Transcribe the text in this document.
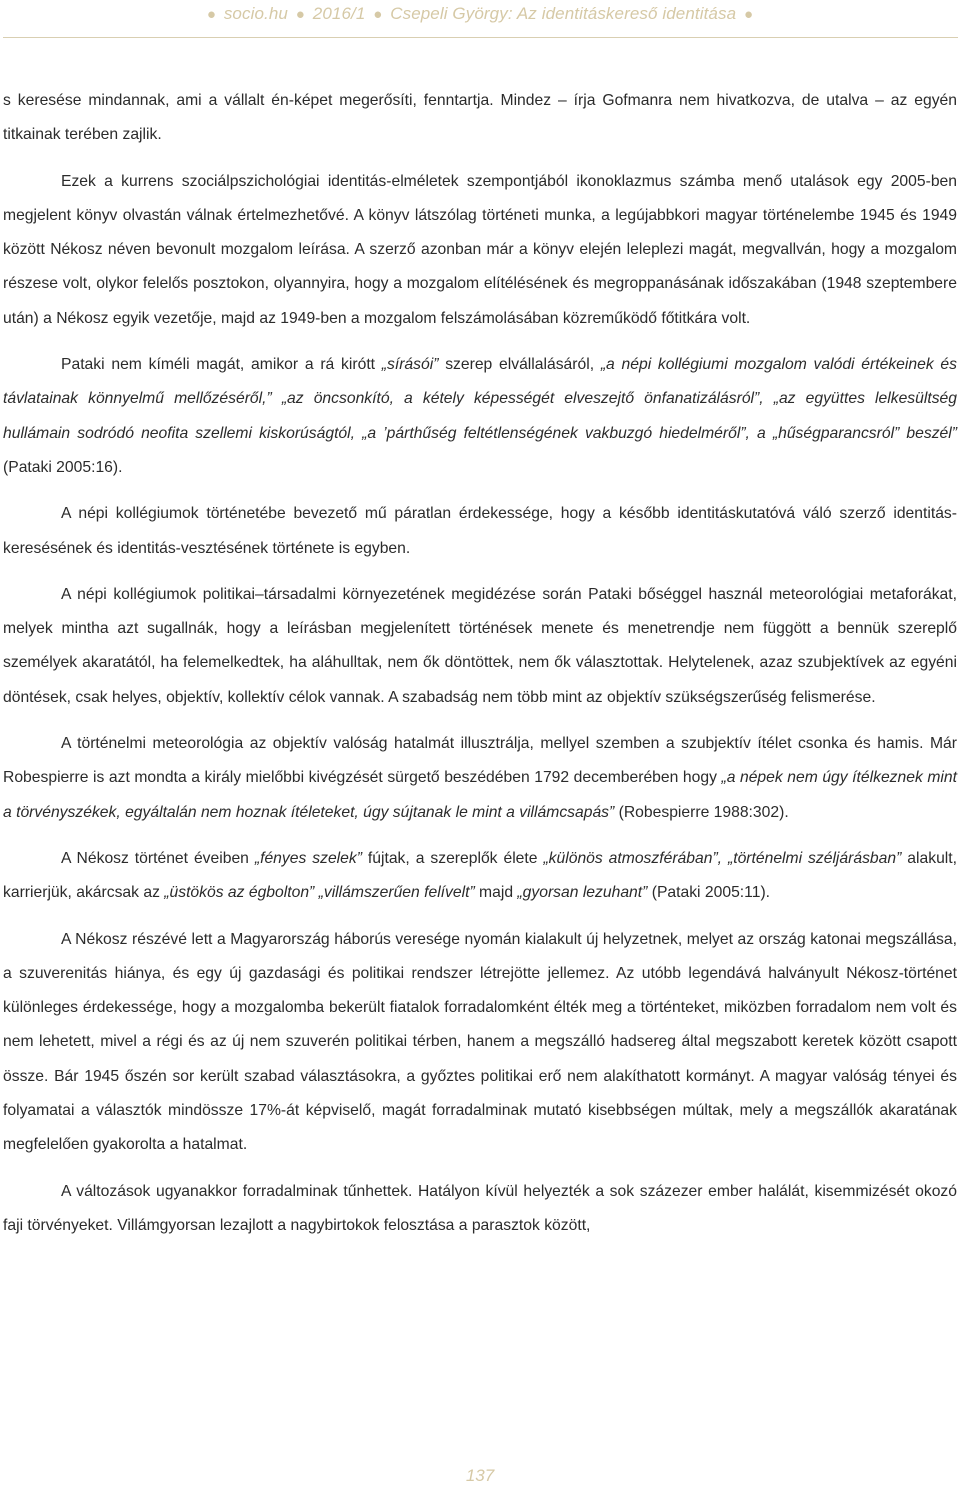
● socio.hu ● 2016/1 ● Csepeli György: Az identitáskereső identitása ●

s keresése mindannak, ami a vállalt én-képet megerősíti, fenntartja. Mindez – írja Gofmanra nem hivatkozva, de utalva – az egyén titkainak terében zajlik.

Ezek a kurrens szociálpszichológiai identitás-elméletek szempontjából ikonoklazmus számba menő utalások egy 2005-ben megjelent könyv olvastán válnak értelmezhetővé. A könyv látszólag történeti munka, a legújabbkori magyar történelembe 1945 és 1949 között Nékosz néven bevonult mozgalom leírása. A szerző azonban már a könyv elején leleplezi magát, megvallván, hogy a mozgalom részese volt, olykor felelős posztokon, olyannyira, hogy a mozgalom elítélésének és megroppanásának időszakában (1948 szeptembere után) a Nékosz egyik vezetője, majd az 1949-ben a mozgalom felszámolásában közreműködő főtitkára volt.

Pataki nem kíméli magát, amikor a rá kirótt „sírásói” szerep elvállalásáról, „a népi kollégiumi mozgalom valódi értékeinek és távlatainak könnyelmű mellőzéséről,” „az öncsonkító, a kétely képességét elveszejtő önfanatizálásról”, „az együttes lelkesültség hullámain sodródó neofita szellemi kiskorúságtól, „a ’párthűség feltétlenségének vakbuzgó hiedelméről”, a „hűségparancsról” beszél” (Pataki 2005:16).

A népi kollégiumok történetébe bevezető mű páratlan érdekessége, hogy a később identitáskutatóvá váló szerző identitás-keresésének és identitás-vesztésének története is egyben.

A népi kollégiumok politikai–társadalmi környezetének megidézése során Pataki bőséggel használ meteorológiai metaforákat, melyek mintha azt sugallnák, hogy a leírásban megjelenített történések menete és menetrendje nem függött a bennük szereplő személyek akaratától, ha felemelkedtek, ha aláhulltak, nem ők döntöttek, nem ők választottak. Helytelenek, azaz szubjektívek az egyéni döntések, csak helyes, objektív, kollektív célok vannak. A szabadság nem több mint az objektív szükségszerűség felismerése.

A történelmi meteorológia az objektív valóság hatalmát illusztrálja, mellyel szemben a szubjektív ítélet csonka és hamis. Már Robespierre is azt mondta a király mielőbbi kivégzését sürgető beszédében 1792 decemberében hogy „a népek nem úgy ítélkeznek mint a törvényszékek, egyáltalán nem hoznak ítéleteket, úgy sújtanak le mint a villámcsapás” (Robespierre 1988:302).

A Nékosz történet éveiben „fényes szelek” fújtak, a szereplők élete „különös atmoszférában”, „történelmi széljárásban” alakult, karrierjük, akárcsak az „üstökös az égbolton” „villámszerűen felívelt” majd „gyorsan lezuhant” (Pataki 2005:11).

A Nékosz részévé lett a Magyarország háborús veresége nyomán kialakult új helyzetnek, melyet az ország katonai megszállása, a szuverenitás hiánya, és egy új gazdasági és politikai rendszer létrejötte jellemez. Az utóbb legendává halványult Nékosz-történet különleges érdekessége, hogy a mozgalomba bekerült fiatalok forradalomként élték meg a történteket, miközben forradalom nem volt és nem lehetett, mivel a régi és az új nem szuverén politikai térben, hanem a megszálló hadsereg által megszabott keretek között csapott össze. Bár 1945 őszén sor került szabad választásokra, a győztes politikai erő nem alakíthatott kormányt. A magyar valóság tényei és folyamatai a választók mindössze 17%-át képviselő, magát forradalminak mutató kisebbségen múltak, mely a megszállók akaratának megfelelően gyakorolta a hatalmat.

A változások ugyanakkor forradalminak tűnhettek. Hatályon kívül helyezték a sok százezer ember halálát, kisemmizését okozó faji törvényeket. Villámgyorsan lezajlott a nagybirtokok felosztása a parasztok között,

137
